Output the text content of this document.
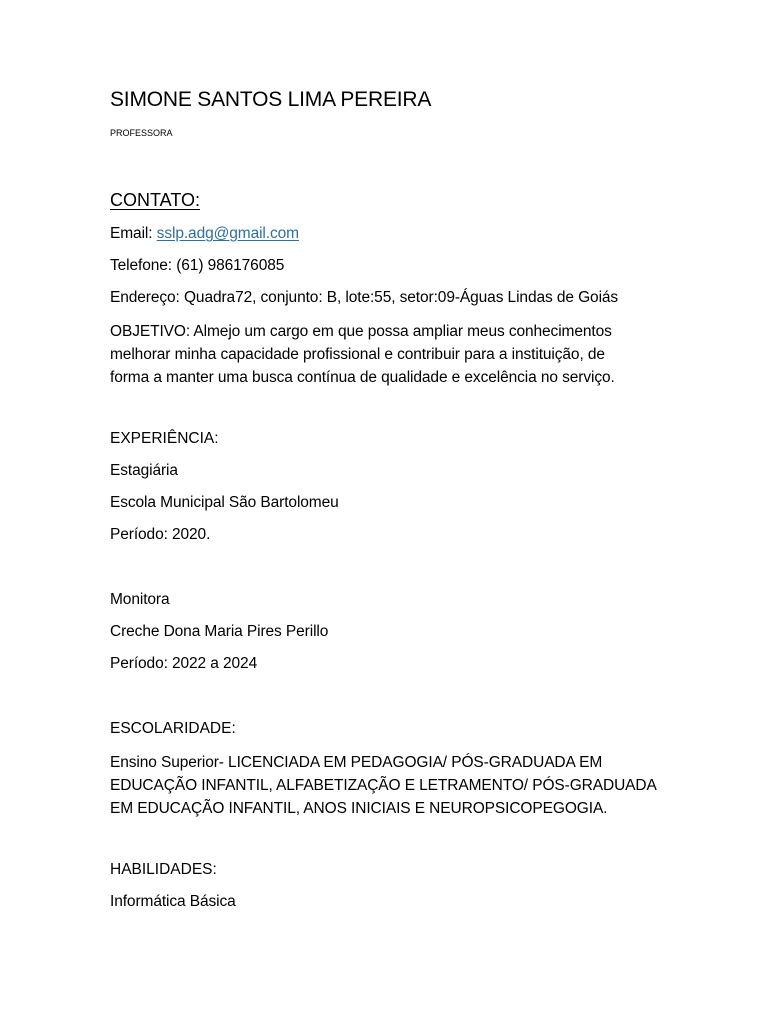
SIMONE SANTOS LIMA PEREIRA
PROFESSORA
CONTATO:
Email: sslp.adg@gmail.com
Telefone: (61) 986176085
Endereço: Quadra72, conjunto: B, lote:55, setor:09-Águas Lindas de Goiás
OBJETIVO: Almejo um cargo em que possa ampliar meus conhecimentos
melhorar minha capacidade profissional e contribuir para a instituição, de
forma a manter uma busca contínua de qualidade e excelência no serviço.
EXPERIÊNCIA:
Estagiária
Escola Municipal São Bartolomeu
Período: 2020.
Monitora
Creche Dona Maria Pires Perillo
Período: 2022 a 2024
ESCOLARIDADE:
Ensino Superior- LICENCIADA EM PEDAGOGIA/ PÓS-GRADUADA EM
EDUCAÇÃO INFANTIL, ALFABETIZAÇÃO E LETRAMENTO/ PÓS-GRADUADA
EM EDUCAÇÃO INFANTIL, ANOS INICIAIS E NEUROPSICOPEGOGIA.
HABILIDADES:
Informática Básica
